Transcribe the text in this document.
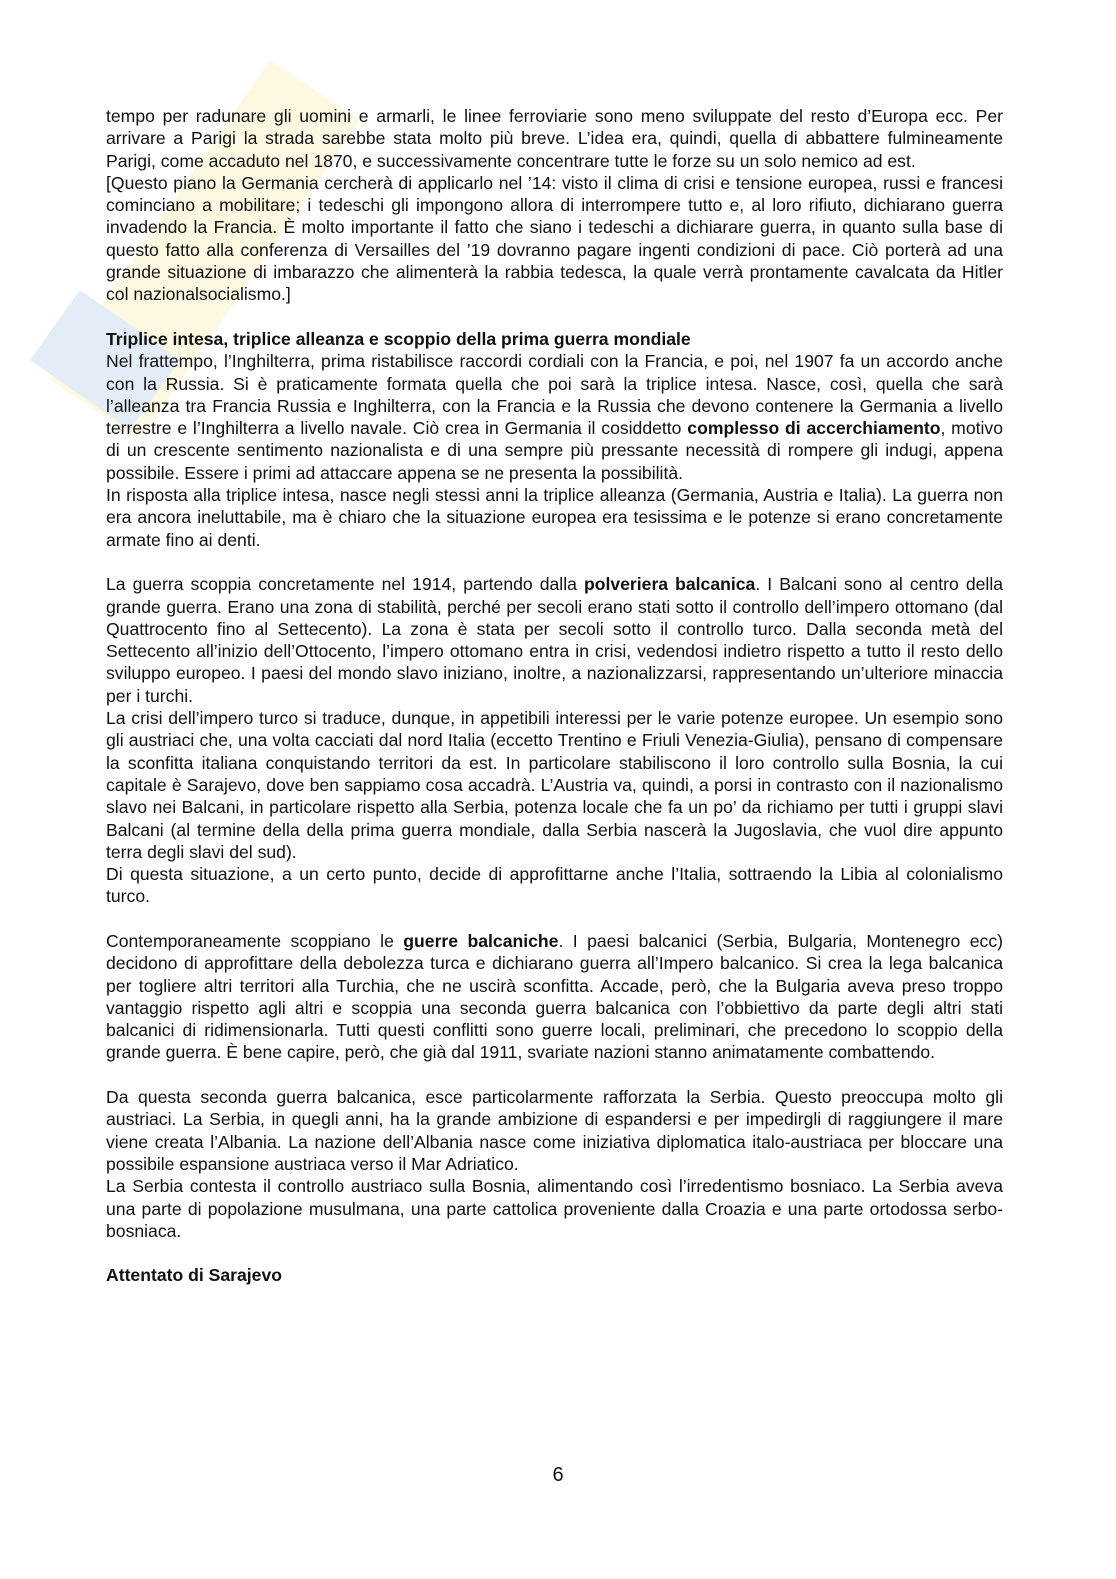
tempo per radunare gli uomini e armarli, le linee ferroviarie sono meno sviluppate del resto d’Europa ecc. Per arrivare a Parigi la strada sarebbe stata molto più breve. L’idea era, quindi, quella di abbattere fulmineamente Parigi, come accaduto nel 1870, e successivamente concentrare tutte le forze su un solo nemico ad est.

[Questo piano la Germania cercherà di applicarlo nel ’14: visto il clima di crisi e tensione europea, russi e francesi cominciano a mobilitare; i tedeschi gli impongono allora di interrompere tutto e, al loro rifiuto, dichiarano guerra invadendo la Francia. È molto importante il fatto che siano i tedeschi a dichiarare guerra, in quanto sulla base di questo fatto alla conferenza di Versailles del ’19 dovranno pagare ingenti condizioni di pace. Ciò porterà ad una grande situazione di imbarazzo che alimenterà la rabbia tedesca, la quale verrà prontamente cavalcata da Hitler col nazionalsocialismo.]

Triplice intesa, triplice alleanza e scoppio della prima guerra mondiale

Nel frattempo, l’Inghilterra, prima ristabilisce raccordi cordiali con la Francia, e poi, nel 1907 fa un accordo anche con la Russia. Si è praticamente formata quella che poi sarà la triplice intesa. Nasce, così, quella che sarà l’alleanza tra Francia Russia e Inghilterra, con la Francia e la Russia che devono contenere la Germania a livello terrestre e l’Inghilterra a livello navale. Ciò crea in Germania il cosiddetto complesso di accerchiamento, motivo di un crescente sentimento nazionalista e di una sempre più pressante necessità di rompere gli indugi, appena possibile. Essere i primi ad attaccare appena se ne presenta la possibilità.

In risposta alla triplice intesa, nasce negli stessi anni la triplice alleanza (Germania, Austria e Italia). La guerra non era ancora ineluttabile, ma è chiaro che la situazione europea era tesissima e le potenze si erano concretamente armate fino ai denti.

La guerra scoppia concretamente nel 1914, partendo dalla polveriera balcanica. I Balcani sono al centro della grande guerra. Erano una zona di stabilità, perché per secoli erano stati sotto il controllo dell’impero ottomano (dal Quattrocento fino al Settecento). La zona è stata per secoli sotto il controllo turco. Dalla seconda metà del Settecento all’inizio dell’Ottocento, l’impero ottomano entra in crisi, vedendosi indietro rispetto a tutto il resto dello sviluppo europeo. I paesi del mondo slavo iniziano, inoltre, a nazionalizzarsi, rappresentando un’ulteriore minaccia per i turchi.

La crisi dell’impero turco si traduce, dunque, in appetibili interessi per le varie potenze europee. Un esempio sono gli austriaci che, una volta cacciati dal nord Italia (eccetto Trentino e Friuli Venezia-Giulia), pensano di compensare la sconfitta italiana conquistando territori da est. In particolare stabiliscono il loro controllo sulla Bosnia, la cui capitale è Sarajevo, dove ben sappiamo cosa accadrà. L’Austria va, quindi, a porsi in contrasto con il nazionalismo slavo nei Balcani, in particolare rispetto alla Serbia, potenza locale che fa un po’ da richiamo per tutti i gruppi slavi Balcani (al termine della della prima guerra mondiale, dalla Serbia nascerà la Jugoslavia, che vuol dire appunto terra degli slavi del sud).

Di questa situazione, a un certo punto, decide di approfittarne anche l’Italia, sottraendo la Libia al colonialismo turco.

Contemporaneamente scoppiano le guerre balcaniche. I paesi balcanici (Serbia, Bulgaria, Montenegro ecc) decidono di approfittare della debolezza turca e dichiarano guerra all’Impero balcanico. Si crea la lega balcanica per togliere altri territori alla Turchia, che ne uscirà sconfitta. Accade, però, che la Bulgaria aveva preso troppo vantaggio rispetto agli altri e scoppia una seconda guerra balcanica con l’obbiettivo da parte degli altri stati balcanici di ridimensionarla. Tutti questi conflitti sono guerre locali, preliminari, che precedono lo scoppio della grande guerra. È bene capire, però, che già dal 1911, svariate nazioni stanno animatamente combattendo.

Da questa seconda guerra balcanica, esce particolarmente rafforzata la Serbia. Questo preoccupa molto gli austriaci. La Serbia, in quegli anni, ha la grande ambizione di espandersi e per impedirgli di raggiungere il mare viene creata l’Albania. La nazione dell’Albania nasce come iniziativa diplomatica italo-austriaca per bloccare una possibile espansione austriaca verso il Mar Adriatico.

La Serbia contesta il controllo austriaco sulla Bosnia, alimentando così l’irredentismo bosniaco. La Serbia aveva una parte di popolazione musulmana, una parte cattolica proveniente dalla Croazia e una parte ortodossa serbo-bosniaca.

Attentato di Sarajevo

6
